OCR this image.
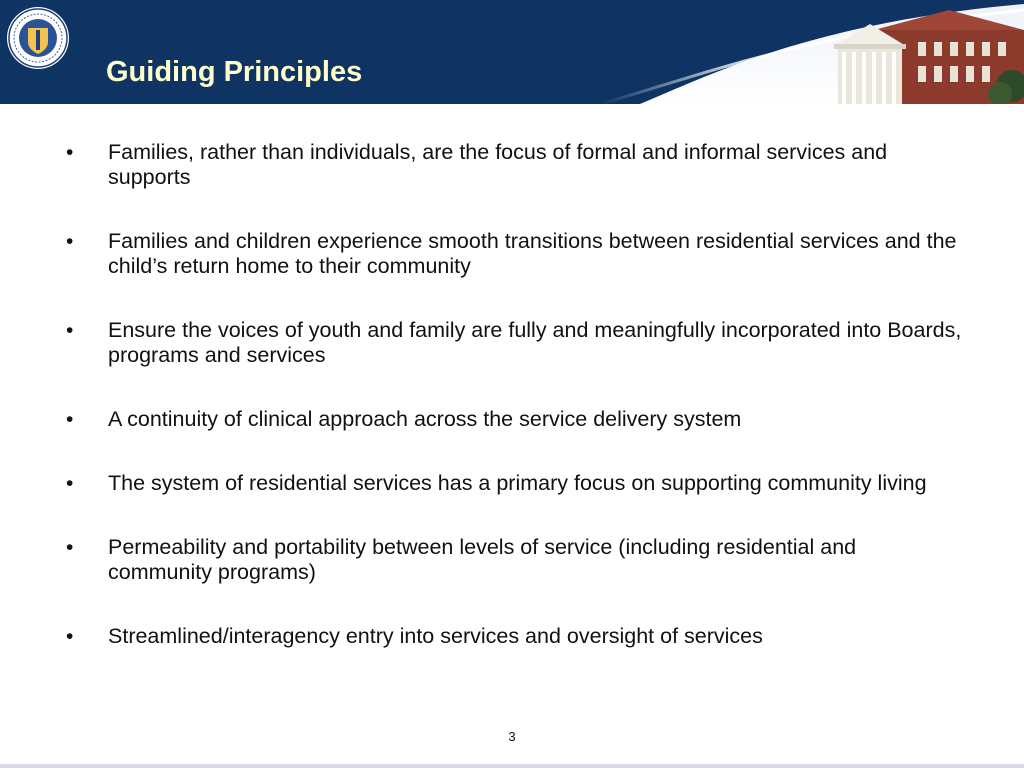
Guiding Principles
• Families, rather than individuals, are the focus of formal and informal services and supports
• Families and children experience smooth transitions between residential services and the child’s return home to their community
• Ensure the voices of youth and family are fully and meaningfully incorporated into Boards, programs and services
• A continuity of clinical approach across the service delivery system
• The system of residential services has a primary focus on supporting community living
• Permeability and portability between levels of service (including residential and community programs)
• Streamlined/interagency entry into services and oversight of services
3
